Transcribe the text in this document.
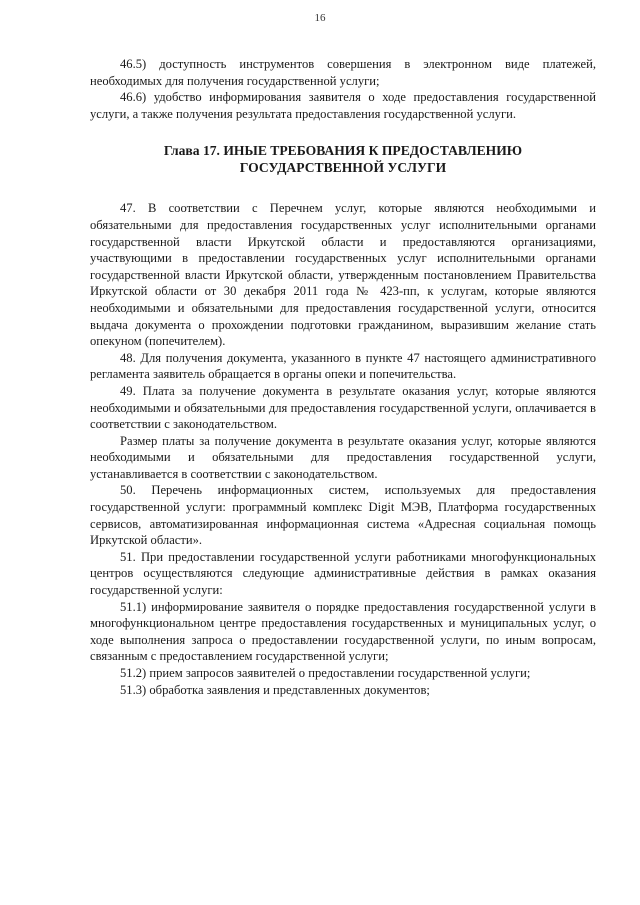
16

46.5) доступность инструментов совершения в электронном виде платежей, необходимых для получения государственной услуги;

46.6) удобство информирования заявителя о ходе предоставления государственной услуги, а также получения результата предоставления государственной услуги.

Глава 17. ИНЫЕ ТРЕБОВАНИЯ К ПРЕДОСТАВЛЕНИЮ ГОСУДАРСТВЕННОЙ УСЛУГИ

47. В соответствии с Перечнем услуг, которые являются необходимыми и обязательными для предоставления государственных услуг исполнительными органами государственной власти Иркутской области и предоставляются организациями, участвующими в предоставлении государственных услуг исполнительными органами государственной власти Иркутской области, утвержденным постановлением Правительства Иркутской области от 30 декабря 2011 года № 423-пп, к услугам, которые являются необходимыми и обязательными для предоставления государственной услуги, относится выдача документа о прохождении подготовки гражданином, выразившим желание стать опекуном (попечителем).

48. Для получения документа, указанного в пункте 47 настоящего административного регламента заявитель обращается в органы опеки и попечительства.

49. Плата за получение документа в результате оказания услуг, которые являются необходимыми и обязательными для предоставления государственной услуги, оплачивается в соответствии с законодательством.

Размер платы за получение документа в результате оказания услуг, которые являются необходимыми и обязательными для предоставления государственной услуги, устанавливается в соответствии с законодательством.

50. Перечень информационных систем, используемых для предоставления государственной услуги: программный комплекс Digit МЭВ, Платформа государственных сервисов, автоматизированная информационная система «Адресная социальная помощь Иркутской области».

51. При предоставлении государственной услуги работниками многофункциональных центров осуществляются следующие административные действия в рамках оказания государственной услуги:

51.1) информирование заявителя о порядке предоставления государственной услуги в многофункциональном центре предоставления государственных и муниципальных услуг, о ходе выполнения запроса о предоставлении государственной услуги, по иным вопросам, связанным с предоставлением государственной услуги;

51.2) прием запросов заявителей о предоставлении государственной услуги;

51.3) обработка заявления и представленных документов;
